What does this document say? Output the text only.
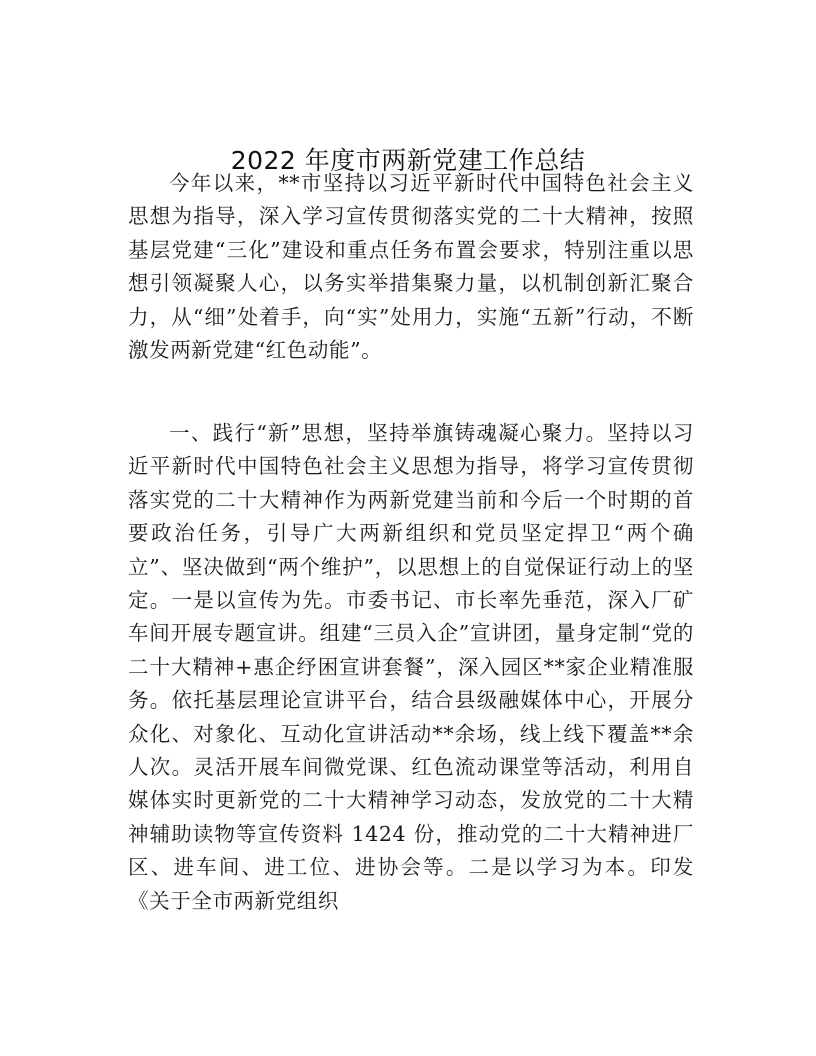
2022 年度市两新党建工作总结

今年以来，**市坚持以习近平新时代中国特色社会主义思想为指导，深入学习宣传贯彻落实党的二十大精神，按照基层党建“三化”建设和重点任务布置会要求，特别注重以思想引领凝聚人心，以务实举措集聚力量，以机制创新汇聚合力，从“细”处着手，向“实”处用力，实施“五新”行动，不断激发两新党建“红色动能”。

一、践行“新”思想，坚持举旗铸魂凝心聚力。坚持以习近平新时代中国特色社会主义思想为指导，将学习宣传贯彻落实党的二十大精神作为两新党建当前和今后一个时期的首要政治任务，引导广大两新组织和党员坚定捍卫“两个确立”、坚决做到“两个维护”，以思想上的自觉保证行动上的坚定。一是以宣传为先。市委书记、市长率先垂范，深入厂矿车间开展专题宣讲。组建“三员入企”宣讲团，量身定制“党的二十大精神+惠企纾困宣讲套餐”，深入园区**家企业精准服务。依托基层理论宣讲平台，结合县级融媒体中心，开展分众化、对象化、互动化宣讲活动**余场，线上线下覆盖**余人次。灵活开展车间微党课、红色流动课堂等活动，利用自媒体实时更新党的二十大精神学习动态，发放党的二十大精神辅助读物等宣传资料 1424 份，推动党的二十大精神进厂区、进车间、进工位、进协会等。二是以学习为本。印发《关于全市两新党组织
